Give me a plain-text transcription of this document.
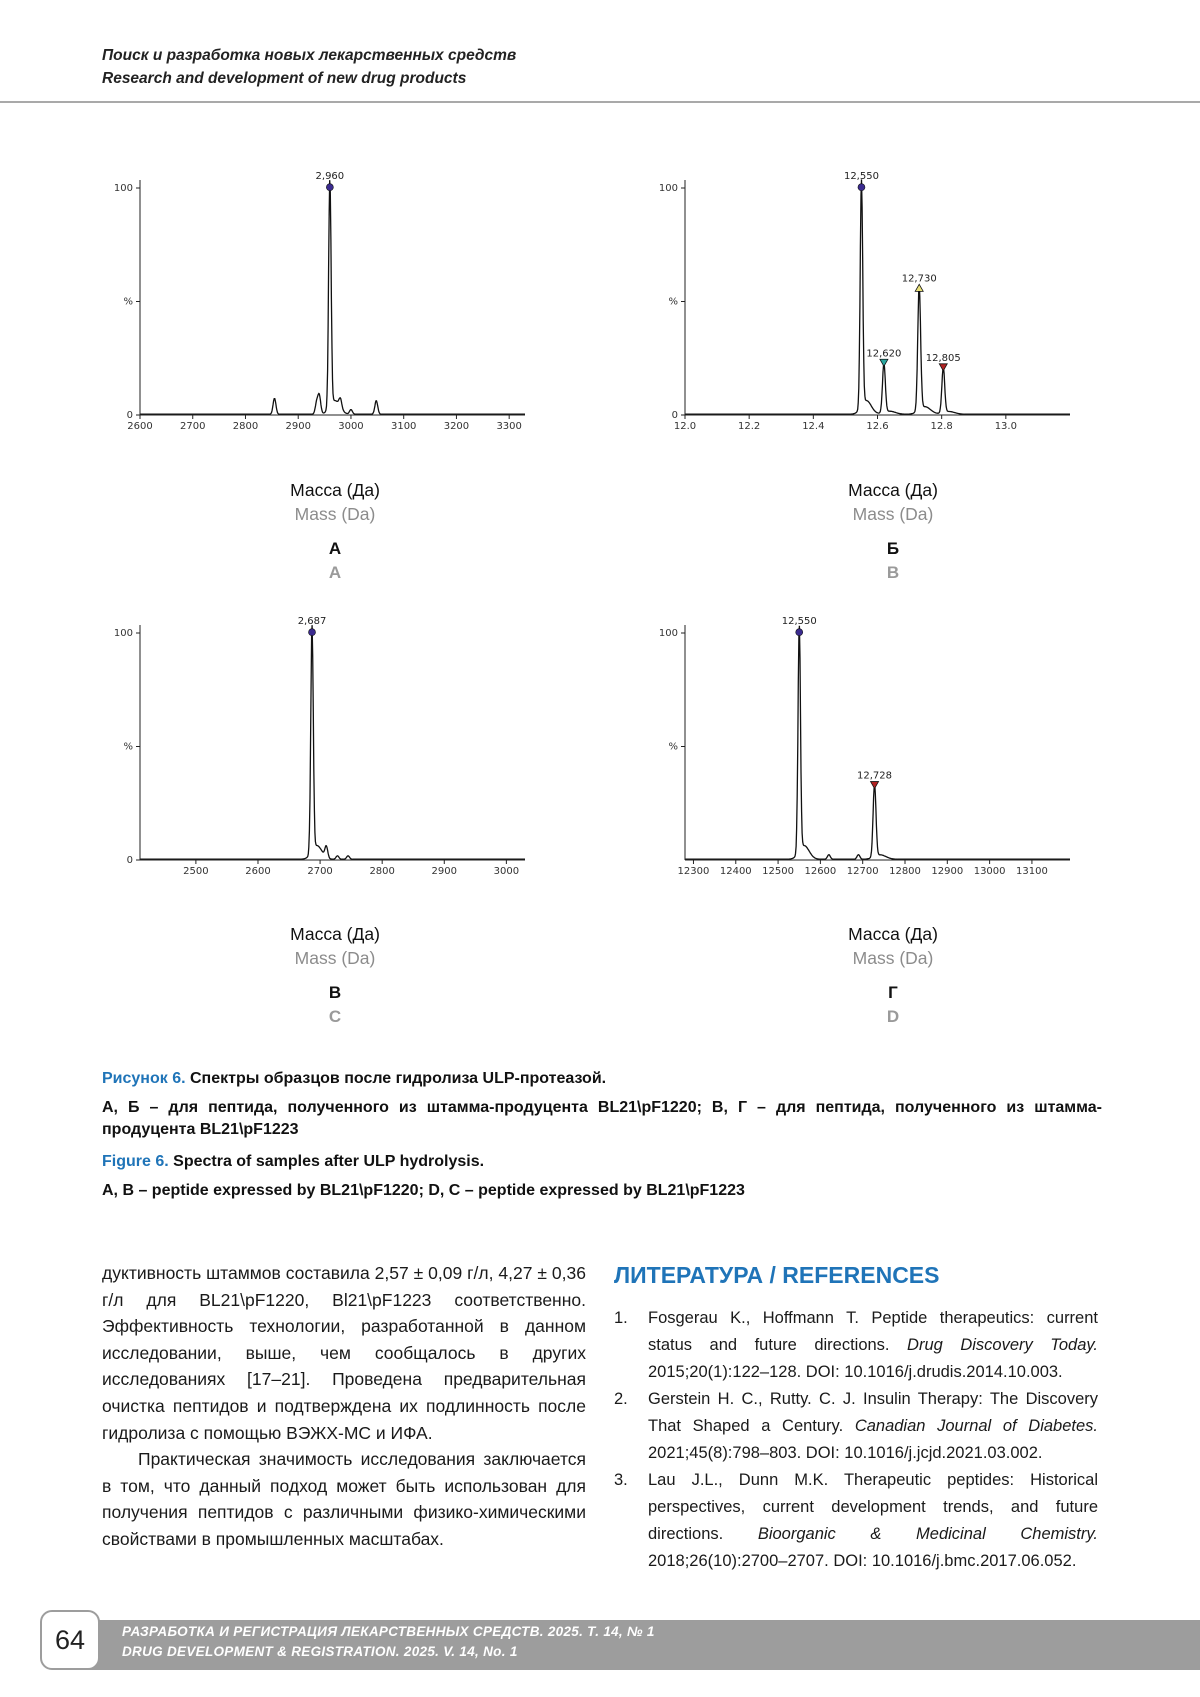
Поиск и разработка новых лекарственных средств
Research and development of new drug products
2600	2700	2800	2900	3000	3100	3200	3300
0
%
100
2,960
12.0	12.2	12.4	12.6	12.8	13.0
0
%
100
12,550
12,620
12,730
12,805
2500	2600	2700	2800	2900	3000
0
%
100
2,687
12300 12400 12500 12600 12700 12800 12900 13000 13100
%
100
12,550
12,728
Масса (Да)
Mass (Da)
А
A
Масса (Да)
Mass (Da)
Б
B
Масса (Да)
Mass (Da)
В
C
Масса (Да)
Mass (Da)
Г
D
Рисунок 6. Спектры образцов после гидролиза ULP-протеазой.
А, Б – для пептида, полученного из штамма-продуцента BL21\pF1220; В, Г – для пептида, полученного из штамма-продуцента BL21\pF1223
Figure 6. Spectra of samples after ULP hydrolysis.
A, B – peptide expressed by BL21\pF1220; D, C – peptide expressed by BL21\pF1223

дуктивность штаммов составила 2,57 ± 0,09 г/л, 4,27 ± 0,36 г/л для BL21\pF1220, Bl21\pF1223 соответственно. Эффективность технологии, разработанной в данном исследовании, выше, чем сообщалось в других исследованиях [17–21]. Проведена предварительная очистка пептидов и подтверждена их подлинность после гидролиза с помощью ВЭЖХ-МС и ИФА.

Практическая значимость исследования заключается в том, что данный подход может быть использован для получения пептидов с различными физико-химическими свойствами в промышленных масштабах.

ЛИТЕРАТУРА / REFERENCES
1. Fosgerau K., Hoffmann T. Peptide therapeutics: current status and future directions. Drug Discovery Today. 2015;20(1):122–128. DOI: 10.1016/j.drudis.2014.10.003.
2. Gerstein H. C., Rutty. C. J. Insulin Therapy: The Discovery That Shaped a Century. Canadian Journal of Diabetes. 2021;45(8):798–803. DOI: 10.1016/j.jcjd.2021.03.002.
3. Lau J.L., Dunn M.K. Therapeutic peptides: Historical perspectives, current development trends, and future directions. Bioorganic & Medicinal Chemistry. 2018;26(10):2700–2707. DOI: 10.1016/j.bmc.2017.06.052.
РАЗРАБОТКА И РЕГИСТРАЦИЯ ЛЕКАРСТВЕННЫХ СРЕДСТВ. 2025. Т. 14, № 1
DRUG DEVELOPMENT & REGISTRATION. 2025. V. 14, No. 1
64
